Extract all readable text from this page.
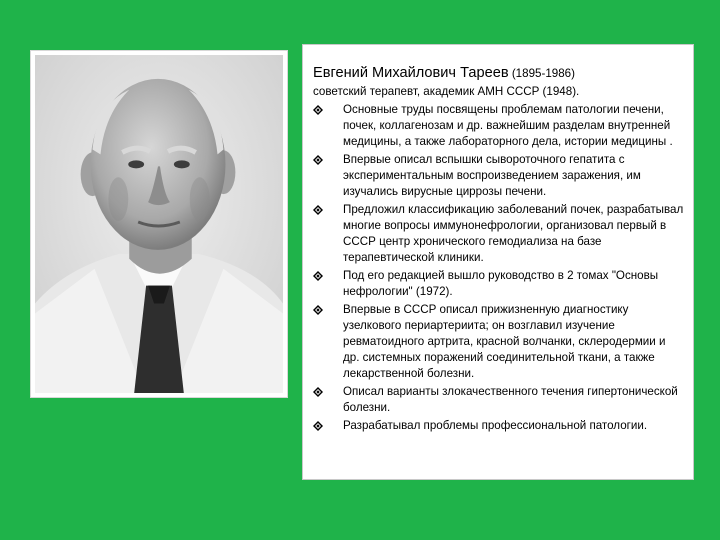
Евгений Михайлович Тареев (1895-1986)

советский терапевт, академик АМН СССР (1948).

Основные труды посвящены проблемам патологии печени, почек, коллагенозам и др. важнейшим разделам внутренней медицины, а также лабораторного дела, истории медицины .
Впервые описал вспышки сывороточного гепатита с экспериментальным воспроизведением заражения, им изучались вирусные циррозы печени.
Предложил классификацию заболеваний почек, разрабатывал многие вопросы иммунонефрологии, организовал первый в СССР центр хронического гемодиализа на базе терапевтической клиники.
Под его редакцией вышло руководство в 2 томах "Основы нефрологии" (1972).
Впервые в СССР описал прижизненную диагностику узелкового периартериита; он возглавил изучение ревматоидного артрита, красной волчанки, склеродермии и др. системных поражений соединительной ткани, а также лекарственной болезни.
Описал варианты злокачественного течения гипертонической болезни.
Разрабатывал проблемы профессиональной патологии.
